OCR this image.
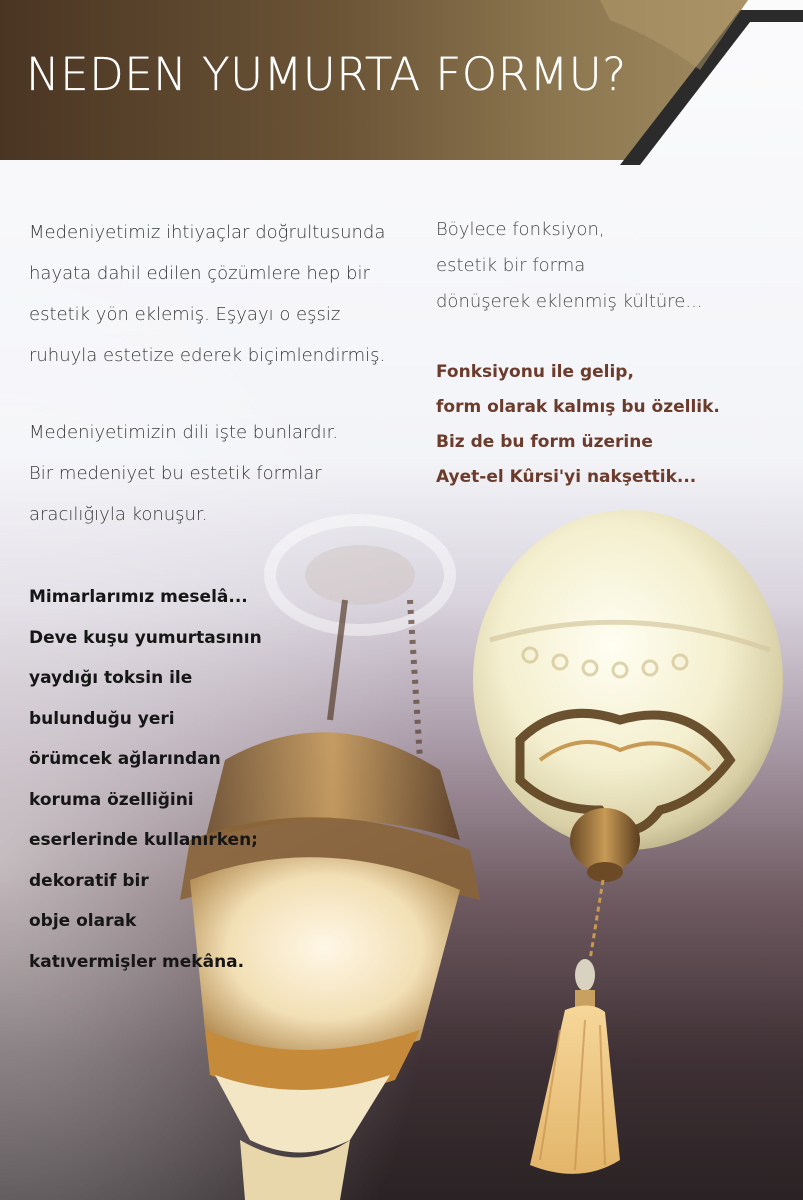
NEDEN YUMURTA FORMU?

Medeniyetimiz ihtiyaçlar doğrultusunda

hayata dahil edilen çözümlere hep bir

estetik yön eklemiş. Eşyayı o eşsiz

ruhuyla estetize ederek biçimlendirmiş.

Medeniyetimizin dili işte bunlardır.

Bir medeniyet bu estetik formlar

aracılığıyla konuşur.

Böylece fonksiyon,

estetik bir forma

dönüşerek eklenmiş kültüre...

Fonksiyonu ile gelip,

form olarak kalmış bu özellik.

Biz de bu form üzerine

Ayet-el Kûrsi'yi nakşettik...

Mimarlarımız meselâ...

Deve kuşu yumurtasının

yaydığı toksin ile

bulunduğu yeri

örümcek ağlarından

koruma özelliğini

eserlerinde kullanırken;

dekoratif bir

obje olarak

katıvermişler mekâna.
